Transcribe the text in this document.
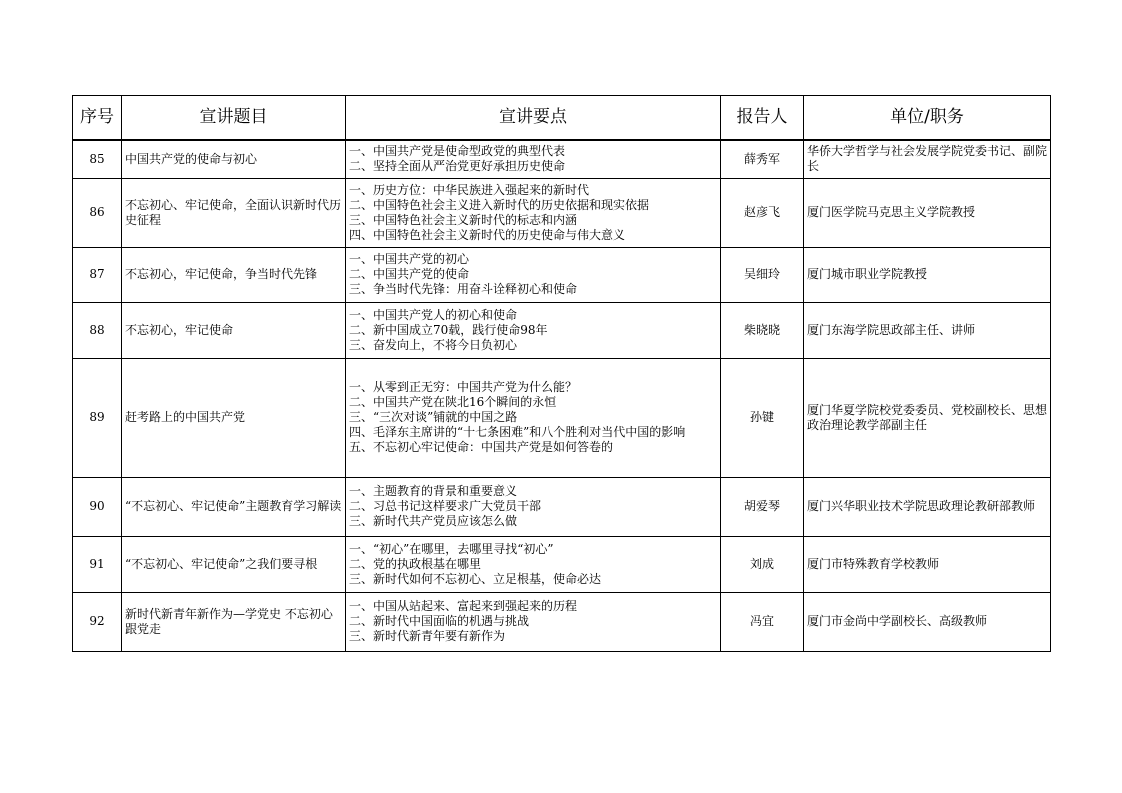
序号	宣讲题目	宣讲要点	报告人	单位/职务
85	中国共产党的使命与初心	一、中国共产党是使命型政党的典型代表
二、坚持全面从严治党更好承担历史使命	薛秀军	华侨大学哲学与社会发展学院党委书记、副院长
86	不忘初心、牢记使命，全面认识新时代历史征程	一、历史方位：中华民族进入强起来的新时代
二、中国特色社会主义进入新时代的历史依据和现实依据
三、中国特色社会主义新时代的标志和内涵
四、中国特色社会主义新时代的历史使命与伟大意义	赵彦飞	厦门医学院马克思主义学院教授
87	不忘初心，牢记使命，争当时代先锋	一、中国共产党的初心
二、中国共产党的使命
三、争当时代先锋：用奋斗诠释初心和使命	吴细玲	厦门城市职业学院教授
88	不忘初心，牢记使命	一、中国共产党人的初心和使命
二、新中国成立70载，践行使命98年
三、奋发向上，不将今日负初心	柴晓晓	厦门东海学院思政部主任、讲师
89	赶考路上的中国共产党	一、从零到正无穷：中国共产党为什么能？
二、中国共产党在陕北16个瞬间的永恒
三、“三次对谈”铺就的中国之路
四、毛泽东主席讲的“十七条困难”和八个胜利对当代中国的影响
五、不忘初心牢记使命：中国共产党是如何答卷的	孙键	厦门华夏学院校党委委员、党校副校长、思想政治理论教学部副主任
90	“不忘初心、牢记使命”主题教育学习解读	一、主题教育的背景和重要意义
二、习总书记这样要求广大党员干部
三、新时代共产党员应该怎么做	胡爱琴	厦门兴华职业技术学院思政理论教研部教师
91	“不忘初心、牢记使命”之我们要寻根	一、“初心”在哪里，去哪里寻找“初心”
二、党的执政根基在哪里
三、新时代如何不忘初心、立足根基，使命必达	刘成	厦门市特殊教育学校教师
92	新时代新青年新作为—学党史 不忘初心跟党走	一、中国从站起来、富起来到强起来的历程
二、新时代中国面临的机遇与挑战
三、新时代新青年要有新作为	冯宜	厦门市金尚中学副校长、高级教师
